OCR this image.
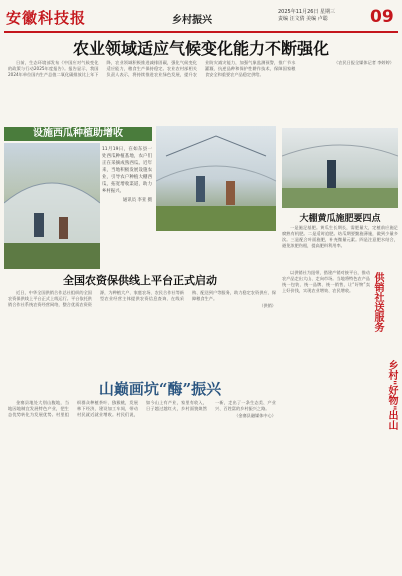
安徽科技报	乡村振兴
2025年11月26日 星期三
责编 汪文倩 美编 卢聪	09
农业领域适应气候变化能力不断强化

日前，生态环境部发布《中国应对气候变化的政策与行动2025年度报告》。报告显示，我国2024年单位国内生产总值二氧化碳排放比上年下降，农业领域积极推进减排固碳，强化气候变化适应能力，粮食生产保持稳定。农业农村部相关负责人表示，将持续推进农业绿色发展，提升农业防灾减灾能力，加强气象监测预警，推广节水灌溉、抗逆品种和保护性耕作技术，保障国家粮食安全和重要农产品稳定供给。

（农民日报全媒体记者 李婷婷）

设施西瓜种植助增收
11月19日，在如东县一处西瓜种植基地，农户们正在采摘成熟西瓜。近年来，当地积极发展设施农业，引导农户种植大棚西瓜，拓宽增收渠道，助力乡村振兴。
通讯员 李亚 摄
大棚黄瓜施肥要四点

一是施足基肥。黄瓜生长期长，需肥量大，定植前应施足腐熟有机肥。二是适时追肥。结瓜期要勤施薄施，做到少量多次。三是配合叶面施肥，补充微量元素。四是注意肥水结合，避免浓肥伤根，提高肥料利用率。

全国农资保供线上平台正式启动

近日，中华全国供销合作总社组织的全国农资保供线上平台正式上线运行。平台依托供销合作社系统农资经营网络，整合优质农资资源，为种植大户、家庭农场、农民合作社等新型农业经营主体提供农资信息查询、在线采购、配送到户等服务，助力稳定农资供应、保障粮食生产。

（供销）

以供销社为纽带，搭建产销对接平台，推动农产品走出大山、走向市场。当地将特色农产品统一包装、统一品牌、统一销售，让“好物”卖上好价钱，实现农业增效、农民增收。	供销社送服务
乡村"好物"出山
山巅画坑“酶”振兴

金寨县地处大别山腹地，当地因地制宜发展特色产业，把生态优势转化为发展优势。村里组织群众种植茶叶、猕猴桃，发展林下经济，建设加工车间，带动村民就近就业增收。村民们说，如今山上有产业，家里有收入，日子越过越红火，乡村面貌焕然一新，走出了一条生态美、产业兴、百姓富的乡村振兴之路。

（金寨县融媒体中心）
